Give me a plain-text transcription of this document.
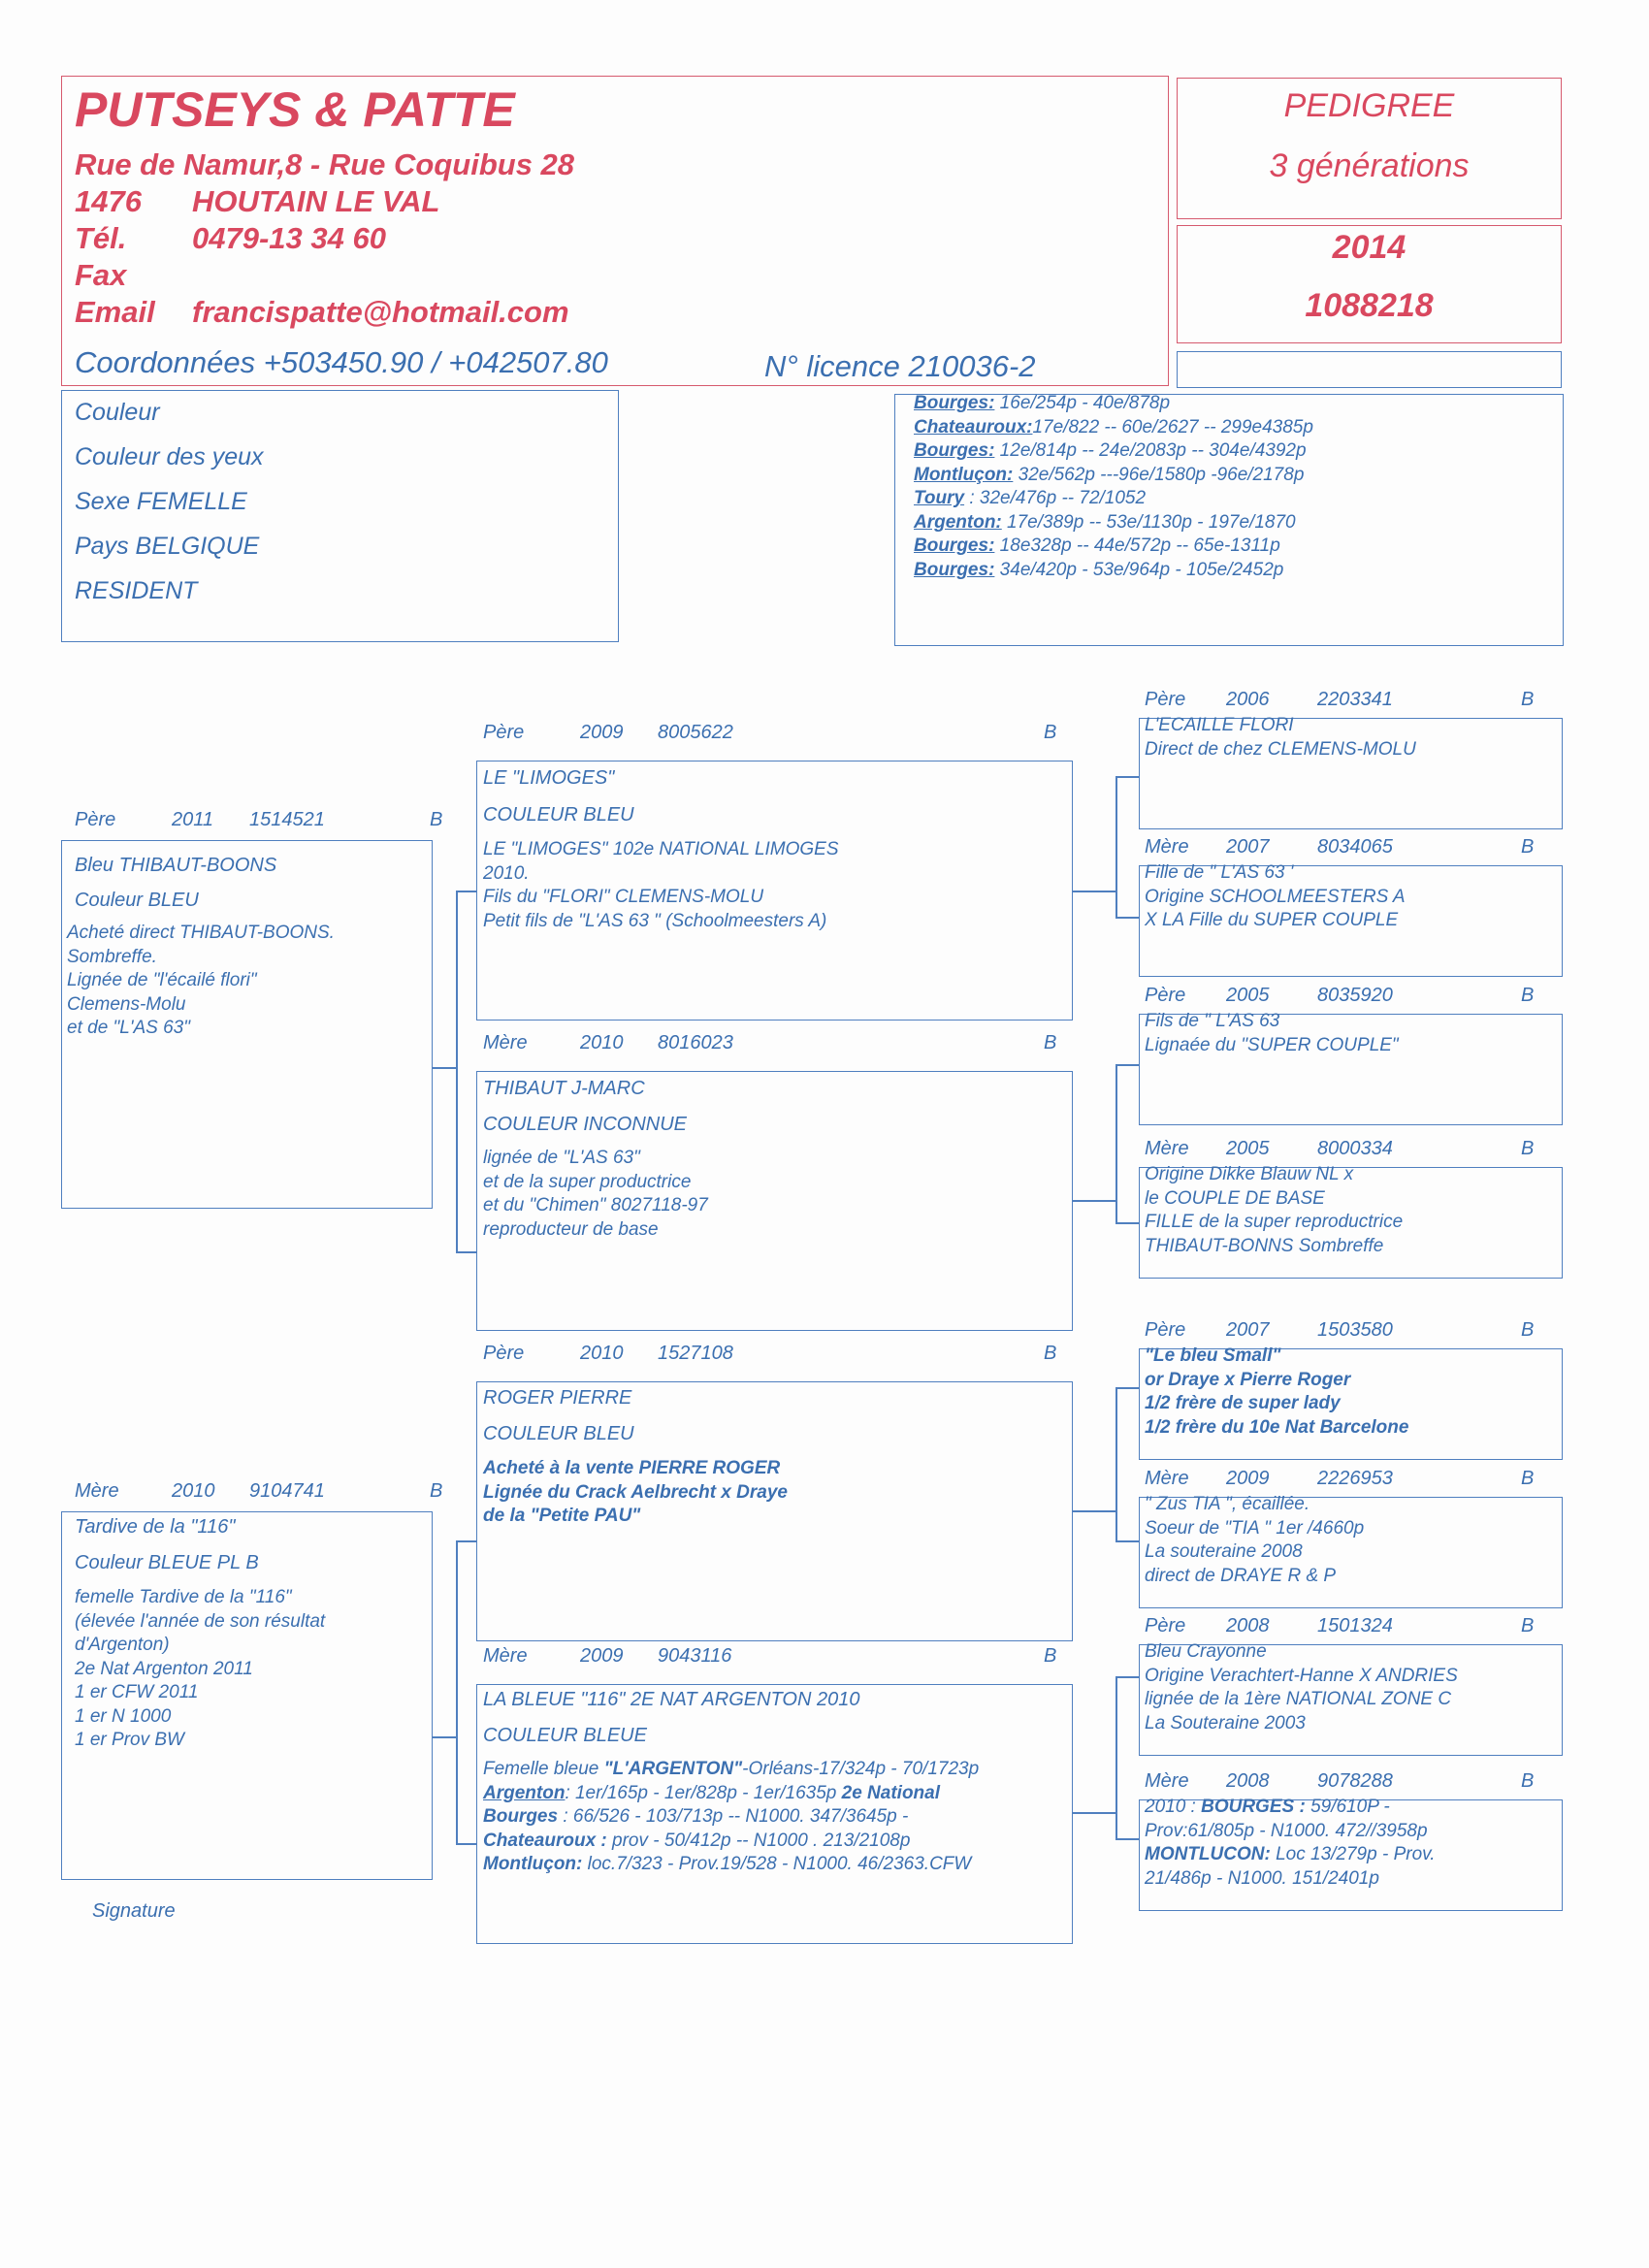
PUTSEYS & PATTE
Rue de Namur,8 - Rue Coquibus 28
1476 HOUTAIN LE VAL
Tél. 0479-13 34 60
Fax
Email francispatte@hotmail.com
Coordonnées +503450.90 / +042507.80	N° licence 210036-2
PEDIGREE
3 générations
2014
1088218
Couleur
Couleur des yeux
Sexe FEMELLE
Pays BELGIQUE
RESIDENT
Bourges: 16e/254p - 40e/878p
Chateauroux:17e/822 -- 60e/2627 -- 299e4385p
Bourges: 12e/814p -- 24e/2083p -- 304e/4392p
Montluçon: 32e/562p ---96e/1580p -96e/2178p
Toury : 32e/476p -- 72/1052
Argenton: 17e/389p -- 53e/1130p - 197e/1870
Bourges: 18e328p -- 44e/572p -- 65e-1311p
Bourges: 34e/420p - 53e/964p - 105e/2452p
Père	2011	1514521	B
Bleu THIBAUT-BOONS
Couleur BLEU
Acheté direct THIBAUT-BOONS.
Sombreffe.
Lignée de "l'écailé flori"
Clemens-Molu
et de "L'AS 63"
Mère	2010	9104741	B
Tardive de la "116"
Couleur BLEUE PL B
femelle Tardive de la "116"
(élevée l'année de son résultat
d'Argenton)
2e Nat Argenton 2011
1 er CFW 2011
1 er N 1000
1 er Prov BW
Signature
Père	2009	8005622	B
LE "LIMOGES"
COULEUR BLEU
LE "LIMOGES" 102e NATIONAL LIMOGES
2010.
Fils du "FLORI" CLEMENS-MOLU
Petit fils de "L'AS 63 " (Schoolmeesters A)
Mère	2010	8016023	B
THIBAUT J-MARC
COULEUR INCONNUE
lignée de "L'AS 63"
et de la super productrice
et du "Chimen" 8027118-97
reproducteur de base
Père	2010	1527108	B
ROGER PIERRE
COULEUR BLEU
Acheté à la vente PIERRE ROGER
Lignée du Crack Aelbrecht x Draye
de la "Petite PAU"
Mère	2009	9043116	B
LA BLEUE "116" 2E NAT ARGENTON 2010
COULEUR BLEUE
Femelle bleue "L'ARGENTON"-Orléans-17/324p - 70/1723p
Argenton: 1er/165p - 1er/828p - 1er/1635p 2e National
Bourges : 66/526 - 103/713p -- N1000. 347/3645p -
Chateauroux : prov - 50/412p -- N1000 . 213/2108p
Montluçon: loc.7/323 - Prov.19/528 - N1000. 46/2363.CFW
Père	2006	2203341	B
L'ECAILLE FLORI
Direct de chez CLEMENS-MOLU
Mère	2007	8034065	B
Fille de " L'AS 63 '
Origine SCHOOLMEESTERS A
X LA Fille du SUPER COUPLE
Père	2005	8035920	B
Fils de " L'AS 63
Lignaée du "SUPER COUPLE"
Mère	2005	8000334	B
Origine Dikke Blauw NL x
le COUPLE DE BASE
FILLE de la super reproductrice
THIBAUT-BONNS Sombreffe
Père	2007	1503580	B
"Le bleu Small"
or Draye x Pierre Roger
1/2 frère de super lady
1/2 frère du 10e Nat Barcelone
Mère	2009	2226953	B
" Zus TIA ", écaillée.
Soeur de "TIA " 1er /4660p
La souteraine 2008
direct de DRAYE R & P
Père	2008	1501324	B
Bleu Crayonne
Origine Verachtert-Hanne X ANDRIES
lignée de la 1ère NATIONAL ZONE C
La Souteraine 2003
Mère	2008	9078288	B
2010 : BOURGES : 59/610P -
Prov:61/805p - N1000. 472//3958p
MONTLUCON: Loc 13/279p - Prov.
21/486p - N1000. 151/2401p
